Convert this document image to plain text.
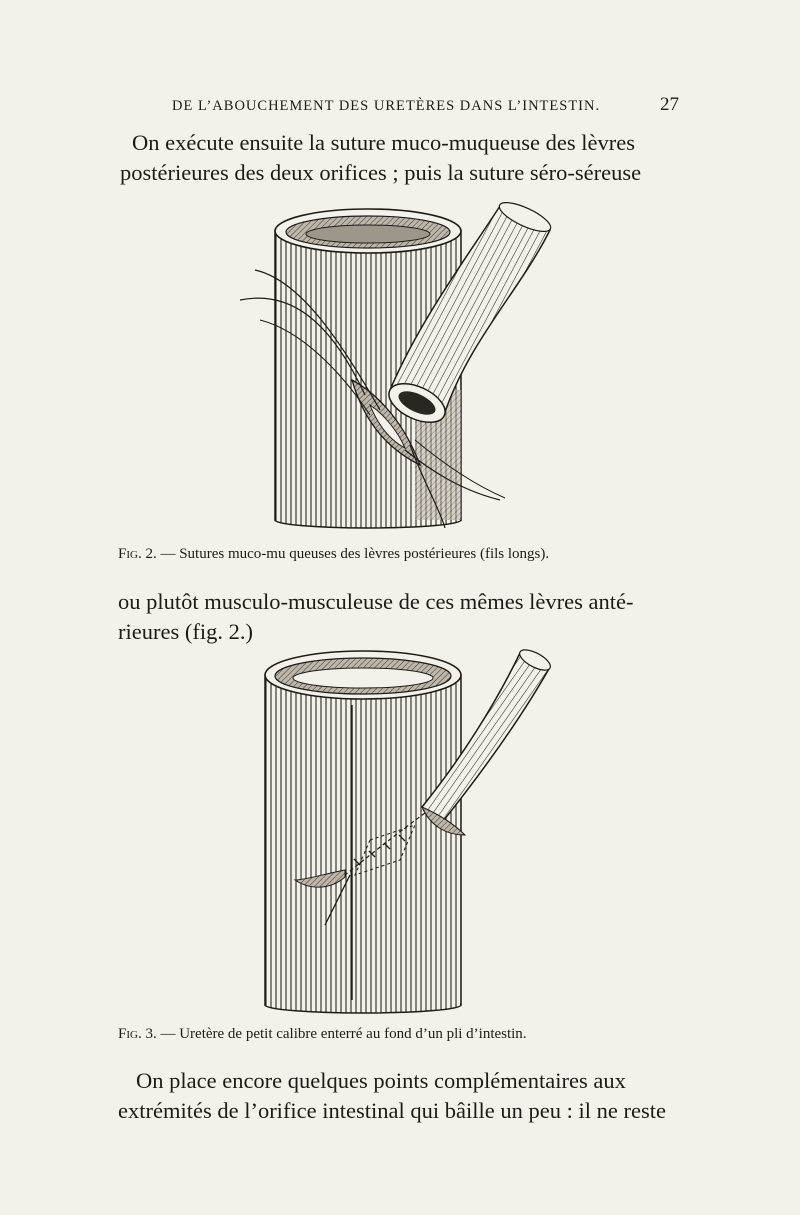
DE L’ABOUCHEMENT DES URETÈRES DANS L’INTESTIN.	27
On exécute ensuite la suture muco-muqueuse des lèvres
postérieures des deux orifices ; puis la suture séro-séreuse
Fig. 2. — Sutures muco-mu queuses des lèvres postérieures (fils longs).
ou plutôt musculo-musculeuse de ces mêmes lèvres anté-
rieures (fig. 2.)
Fig. 3. — Uretère de petit calibre enterré au fond d’un pli d’intestin.
On place encore quelques points complémentaires aux
extrémités de l’orifice intestinal qui bâille un peu : il ne reste
